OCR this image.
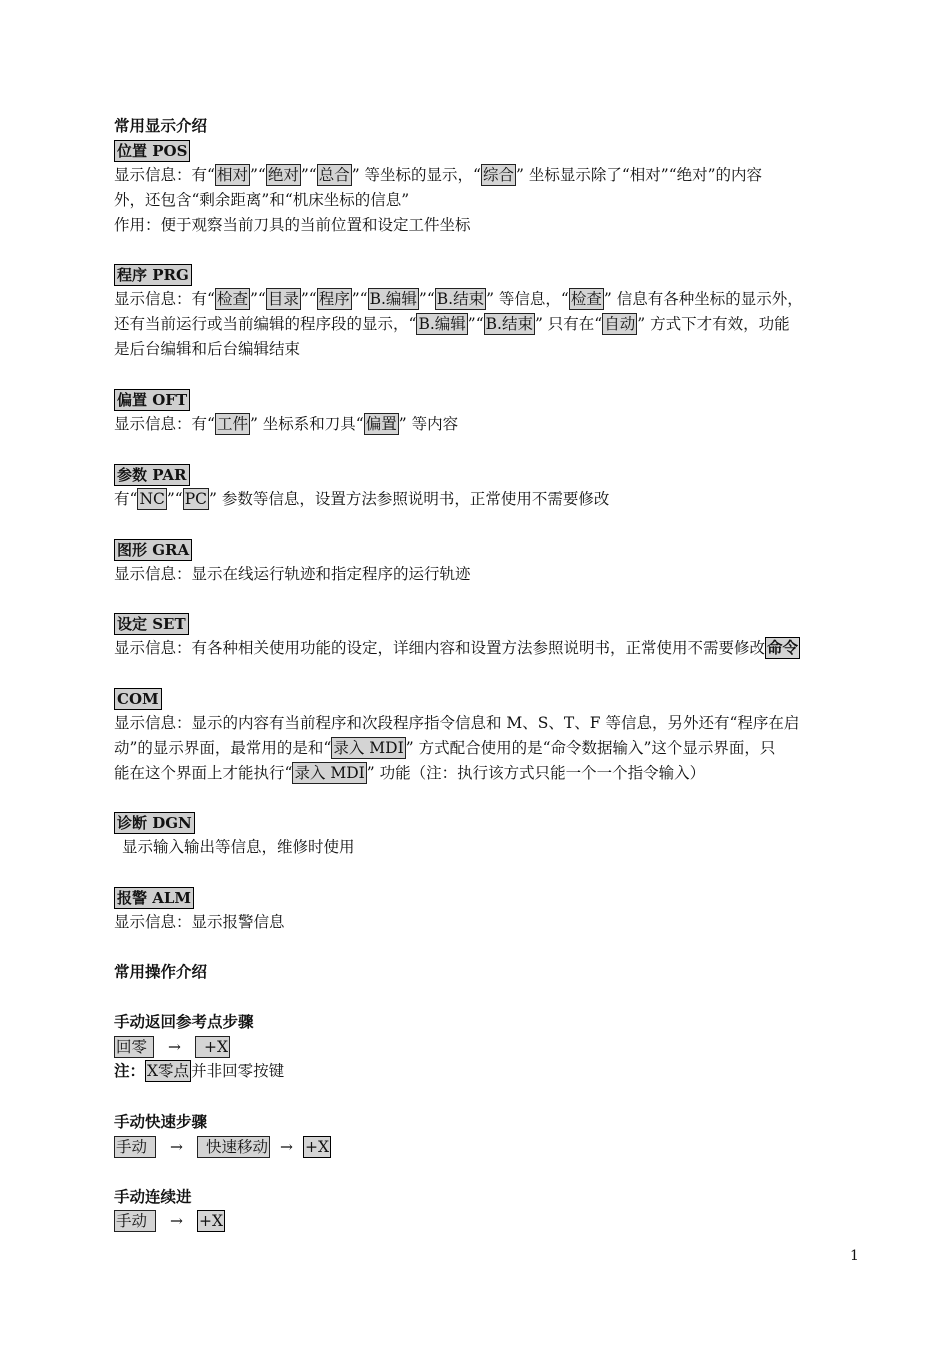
常用显示介绍
位置 POS
显示信息：有“ 相对 ”“ 绝对 ”“ 总合 ” 等坐标的显示，“ 综合 ” 坐标显示除了“相对”“绝对”的内容
外，还包含“剩余距离”和“机床坐标的信息”
作用：便于观察当前刀具的当前位置和设定工件坐标
程序 PRG
显示信息：有“ 检查 ”“ 目录 ”“ 程序 ”“ B.编辑 ”“ B.结束 ” 等信息，“ 检查 ” 信息有各种坐标的显示外，
还有当前运行或当前编辑的程序段的显示，“ B.编辑 ”“ B.结束 ” 只有在“ 自动 ” 方式下才有效，功能
是后台编辑和后台编辑结束
偏置 OFT
显示信息：有“ 工件 ” 坐标系和刀具“ 偏置 ” 等内容
参数 PAR
有“ NC ”“ PC ” 参数等信息，设置方法参照说明书，正常使用不需要修改
图形 GRA
显示信息：显示在线运行轨迹和指定程序的运行轨迹
设定 SET
显示信息：有各种相关使用功能的设定，详细内容和设置方法参照说明书，正常使用不需要修改 命令
COM
显示信息：显示的内容有当前程序和次段程序指令信息和 M、S、T、F 等信息，另外还有“程序在启
动”的显示界面，最常用的是和“ 录入 MDI ” 方式配合使用的是“命令数据输入”这个显示界面，只
能在这个界面上才能执行“ 录入 MDI ” 功能（注：执行该方式只能一个一个指令输入）
诊断 DGN
显示输入输出等信息，维修时使用
报警 ALM
显示信息：显示报警信息
常用操作介绍
手动返回参考点步骤
回零 → +X
注： X零点 并非回零按键
手动快速步骤
手动 → 快速移动 → +X
手动连续进
手动 → +X
1
